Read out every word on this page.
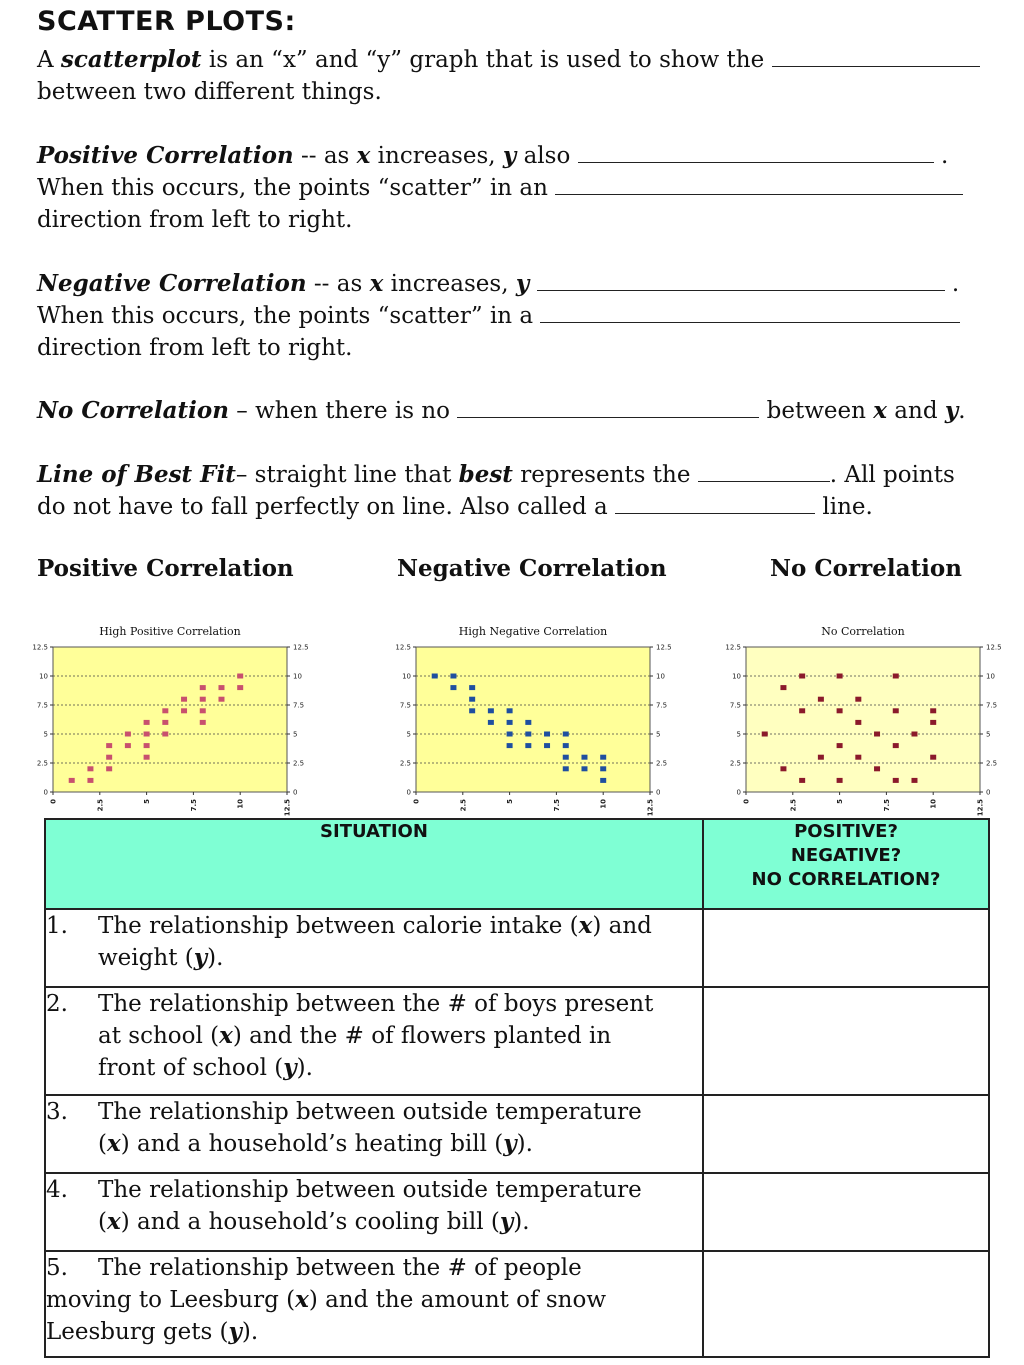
SCATTER PLOTS:
A scatterplot is an “x” and “y” graph that is used to show the
between two different things.
Positive Correlation -- as x increases, y also	.
When this occurs, the points “scatter” in an
direction from left to right.
Negative Correlation -- as x increases, y	.
When this occurs, the points “scatter” in a
direction from left to right.
No Correlation – when there is no	between x and y.
Line of Best Fit– straight line that best represents the	. All points
do not have to fall perfectly on line. Also called a	line.
Positive Correlation	Negative Correlation	No Correlation
High Positive Correlation
0	0
2.5	2.5
5	5
7.5	7.5
10	10
12.5	12.5
0	2.5	5	7.5	10	12.5
High Negative Correlation
0	0
2.5	2.5
5	5
7.5	7.5
10	10
12.5	12.5
0	2.5	5	7.5	10	12.5
No Correlation
0	0
2.5	2.5
5	5
7.5	7.5
10	10
12.5	12.5
0	2.5	5	7.5	10	12.5
SITUATION	POSITIVE?
NEGATIVE?
NO CORRELATION?

1. The relationship between calorie intake (x) and
weight (y).	

2. The relationship between the # of boys present
at school (x) and the # of flowers planted in
front of school (y).	

3. The relationship between outside temperature
(x) and a household’s heating bill (y).	

4. The relationship between outside temperature
(x) and a household’s cooling bill (y).	

5. The relationship between the # of people
moving to Leesburg (x) and the amount of snow
Leesburg gets (y).	
